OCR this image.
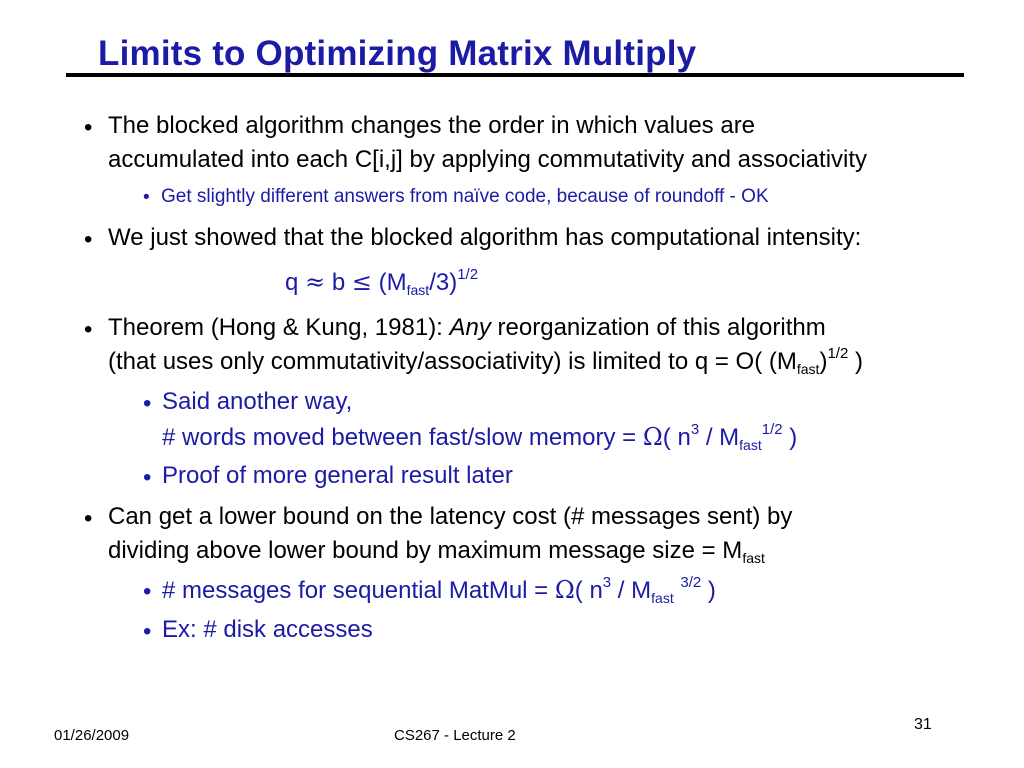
Limits to Optimizing Matrix Multiply
• The blocked algorithm changes the order in which values are
accumulated into each C[i,j] by applying commutativity and associativity
• Get slightly different answers from naïve code, because of roundoff - OK
• We just showed that the blocked algorithm has computational intensity:
$q \approx b \le (M_{fast}/3)^{1/2}$
• Theorem (Hong & Kung, 1981): Any reorganization of this algorithm
(that uses only commutativity/associativity) is limited to q = O( $(M_{fast})^{1/2}$ )
• Said another way,
# words moved between fast/slow memory = Ω( $n^3 / M_{fast}^{1/2}$ )
• Proof of more general result later
• Can get a lower bound on the latency cost (# messages sent) by
dividing above lower bound by maximum message size = $M_{fast}$
• # messages for sequential MatMul = Ω( $n^3 / M_{fast}$ $^{3/2}$ )
• Ex: # disk accesses
01/26/2009	CS267 - Lecture 2
31
